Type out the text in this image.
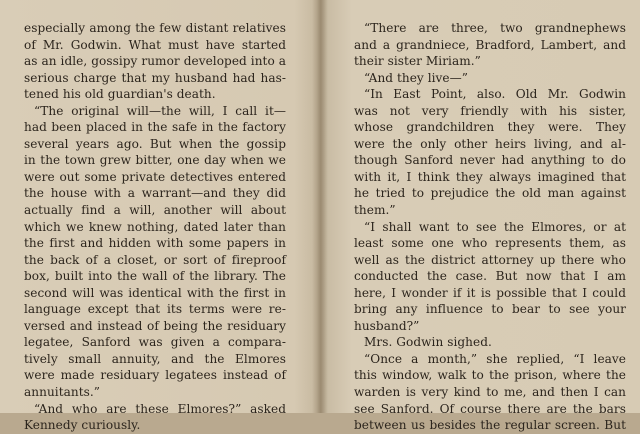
especially among the few distant relatives
of Mr. Godwin. What must have started
as an idle, gossipy rumor developed into a
serious charge that my husband had has-
tened his old guardian's death.
“The original will—the will, I call it—
had been placed in the safe in the factory
several years ago. But when the gossip
in the town grew bitter, one day when we
were out some private detectives entered
the house with a warrant—and they did
actually find a will, another will about
which we knew nothing, dated later than
the first and hidden with some papers in
the back of a closet, or sort of fireproof
box, built into the wall of the library. The
second will was identical with the first in
language except that its terms were re-
versed and instead of being the residuary
legatee, Sanford was given a compara-
tively small annuity, and the Elmores
were made residuary legatees instead of
annuitants.”
“And who are these Elmores?” asked
Kennedy curiously.
“There are three, two grandnephews
and a grandniece, Bradford, Lambert, and
their sister Miriam.”
“And they live—”
“In East Point, also. Old Mr. Godwin
was not very friendly with his sister,
whose grandchildren they were. They
were the only other heirs living, and al-
though Sanford never had anything to do
with it, I think they always imagined that
he tried to prejudice the old man against
them.”
“I shall want to see the Elmores, or at
least some one who represents them, as
well as the district attorney up there who
conducted the case. But now that I am
here, I wonder if it is possible that I could
bring any influence to bear to see your
husband?”
Mrs. Godwin sighed.
“Once a month,” she replied, “I leave
this window, walk to the prison, where the
warden is very kind to me, and then I can
see Sanford. Of course there are the bars
between us besides the regular screen. But
